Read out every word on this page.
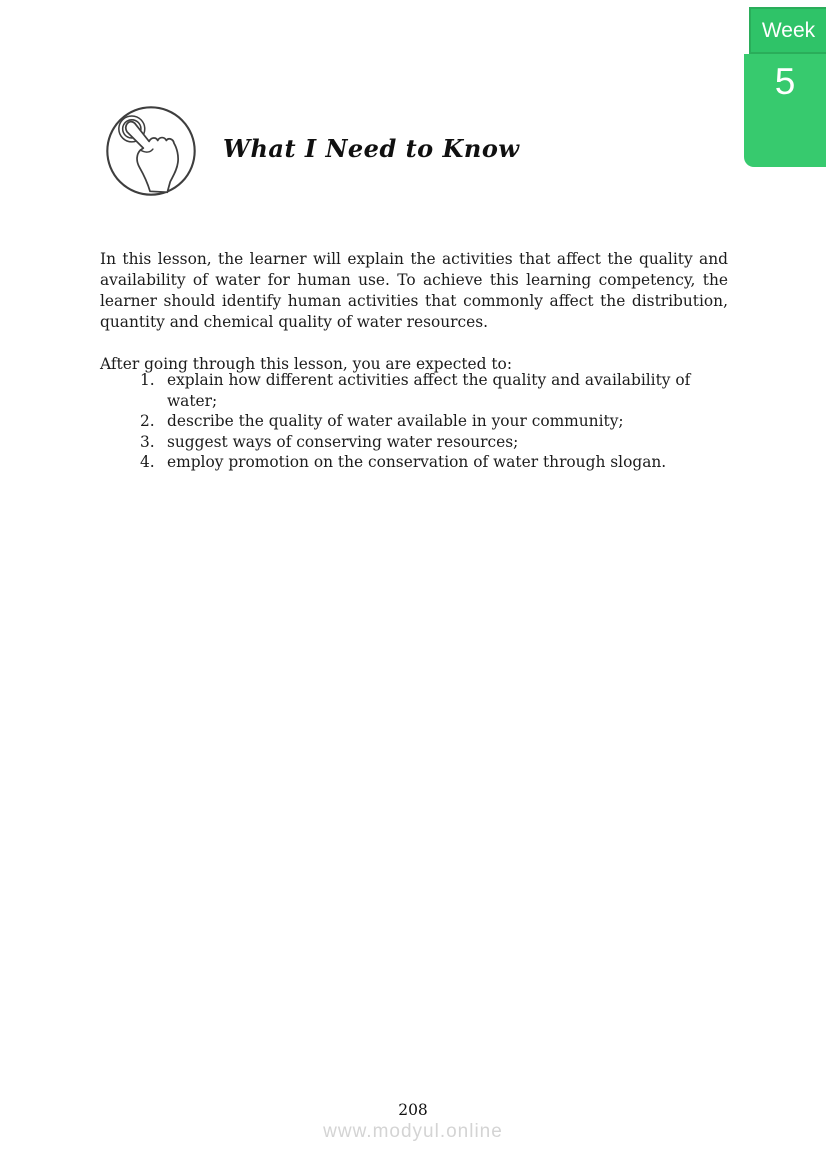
Week
5
What I Need to Know

In this lesson, the learner will explain the activities that affect the quality and availability of water for human use. To achieve this learning competency, the learner should identify human activities that commonly affect the distribution, quantity and chemical quality of water resources.

After going through this lesson, you are expected to:

1. explain how different activities affect the quality and availability of water;
2. describe the quality of water available in your community;
3. suggest ways of conserving water resources;
4. employ promotion on the conservation of water through slogan.
208
www.modyul.online
